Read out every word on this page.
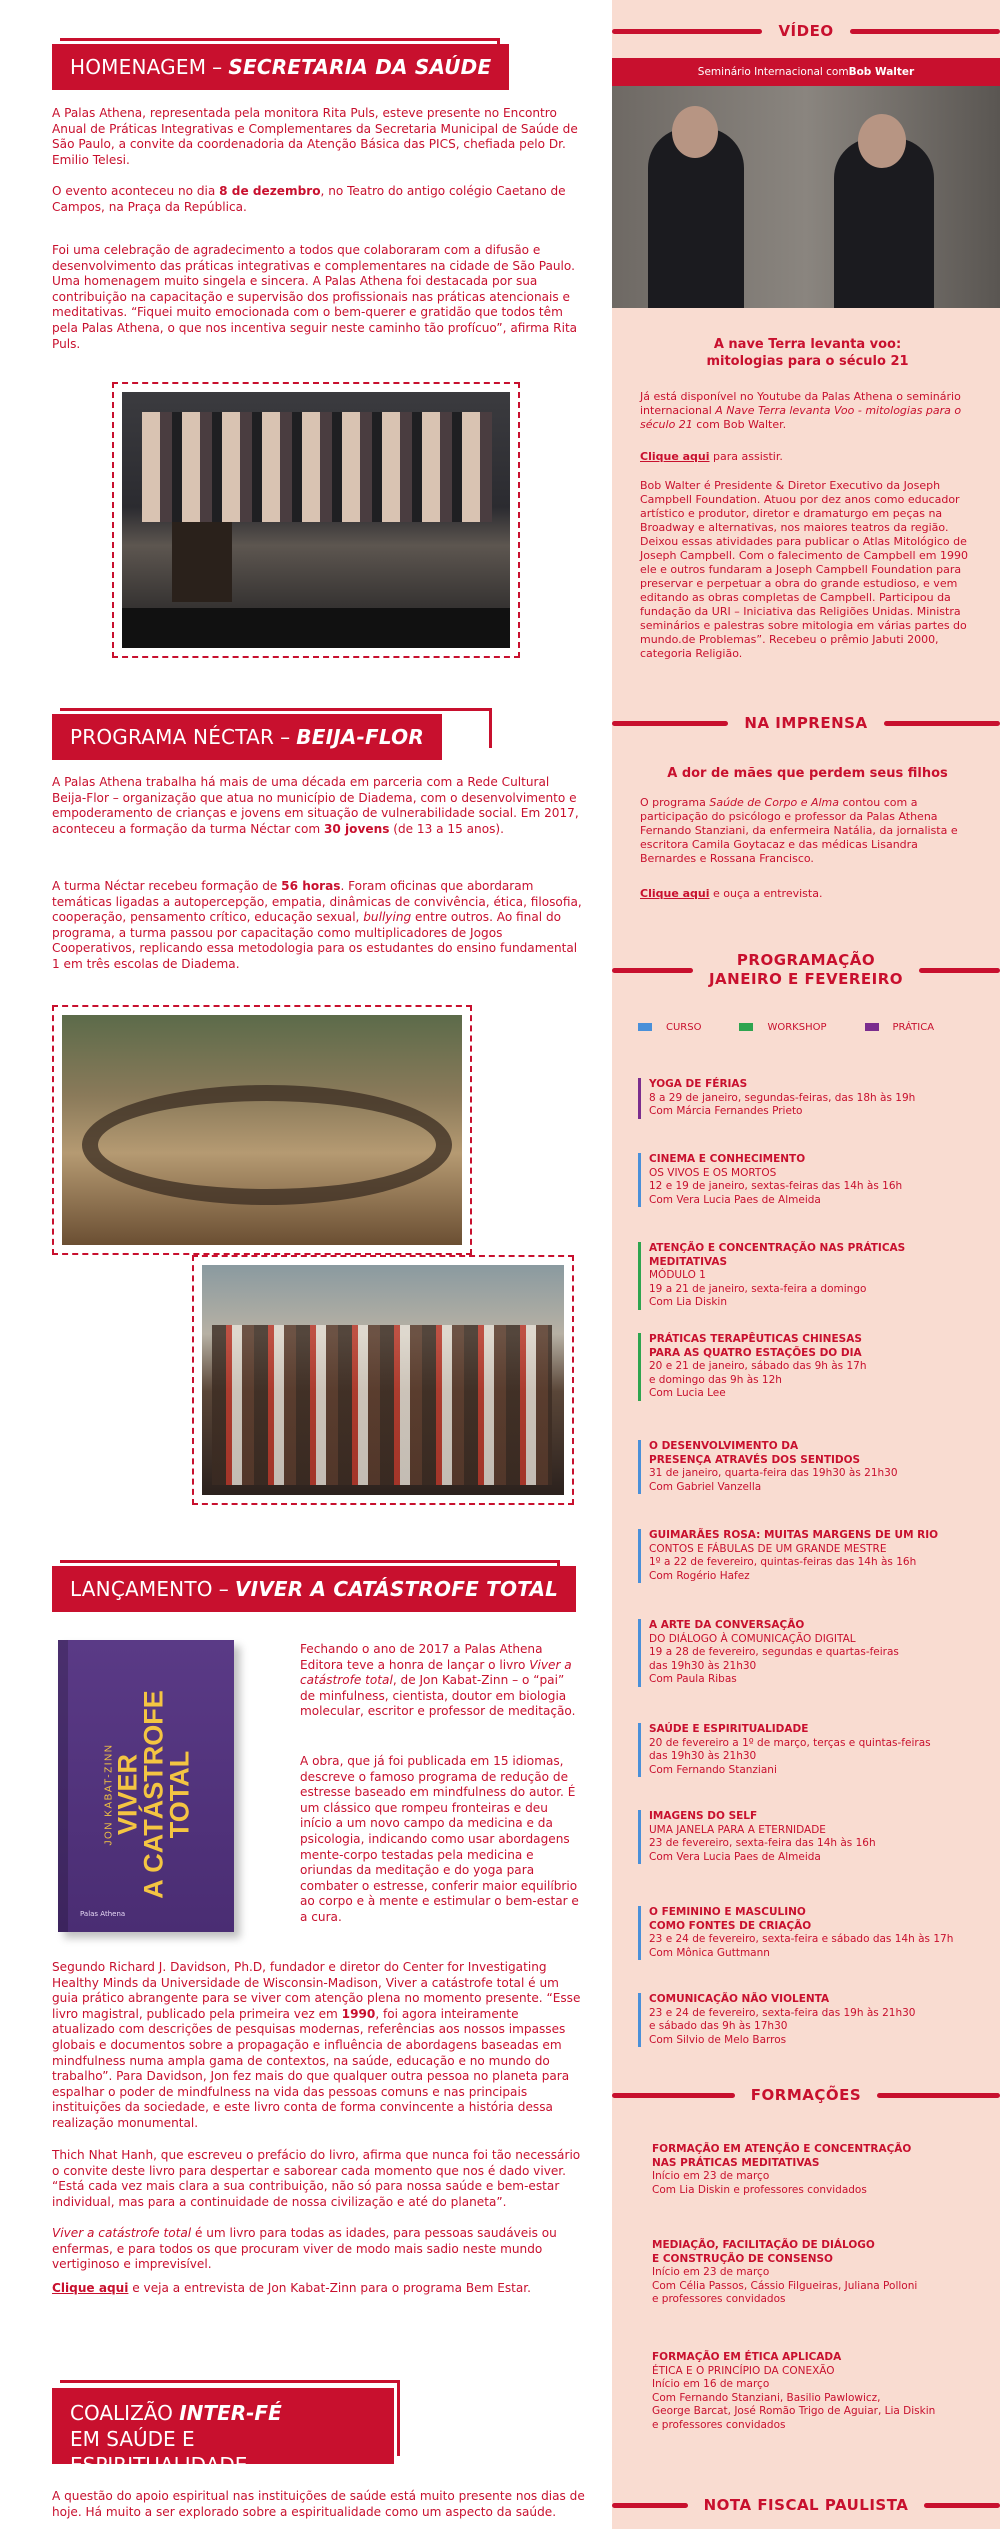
HOMENAGEM – SECRETARIA DA SAÚDE

A Palas Athena, representada pela monitora Rita Puls, esteve presente no Encontro Anual de Práticas Integrativas e Complementares da Secretaria Municipal de Saúde de São Paulo, a convite da coordenadoria da Atenção Básica das PICS, chefiada pelo Dr. Emilio Telesi.

O evento aconteceu no dia 8 de dezembro, no Teatro do antigo colégio Caetano de Campos, na Praça da República.

Foi uma celebração de agradecimento a todos que colaboraram com a difusão e desenvolvimento das práticas integrativas e complementares na cidade de São Paulo. Uma homenagem muito singela e sincera. A Palas Athena foi destacada por sua contribuição na capacitação e supervisão dos profissionais nas práticas atencionais e meditativas. “Fiquei muito emocionada com o bem-querer e gratidão que todos têm pela Palas Athena, o que nos incentiva seguir neste caminho tão profícuo”, afirma Rita Puls.

PROGRAMA NÉCTAR – BEIJA-FLOR

A Palas Athena trabalha há mais de uma década em parceria com a Rede Cultural Beija-Flor – organização que atua no município de Diadema, com o desenvolvimento e empoderamento de crianças e jovens em situação de vulnerabilidade social. Em 2017, aconteceu a formação da turma Néctar com 30 jovens (de 13 a 15 anos).

A turma Néctar recebeu formação de 56 horas. Foram oficinas que abordaram temáticas ligadas a autopercepção, empatia, dinâmicas de convivência, ética, filosofia, cooperação, pensamento crítico, educação sexual, bullying entre outros. Ao final do programa, a turma passou por capacitação como multiplicadores de Jogos Cooperativos, replicando essa metodologia para os estudantes do ensino fundamental 1 em três escolas de Diadema.

LANÇAMENTO – VIVER A CATÁSTROFE TOTAL
JON KABAT-ZINN
VIVER
A CATÁSTROFE
TOTAL
Palas Athena

Fechando o ano de 2017 a Palas Athena Editora teve a honra de lançar o livro Viver a catástrofe total, de Jon Kabat-Zinn – o “pai” de minfulness, cientista, doutor em biologia molecular, escritor e professor de meditação.

A obra, que já foi publicada em 15 idiomas, descreve o famoso programa de redução de estresse baseado em mindfulness do autor. É um clássico que rompeu fronteiras e deu início a um novo campo da medicina e da psicologia, indicando como usar abordagens mente-corpo testadas pela medicina e oriundas da meditação e do yoga para combater o estresse, conferir maior equilíbrio ao corpo e à mente e estimular o bem-estar e a cura.

Segundo Richard J. Davidson, Ph.D, fundador e diretor do Center for Investigating Healthy Minds da Universidade de Wisconsin-Madison, Viver a catástrofe total é um guia prático abrangente para se viver com atenção plena no momento presente. “Esse livro magistral, publicado pela primeira vez em 1990, foi agora inteiramente atualizado com descrições de pesquisas modernas, referências aos nossos impasses globais e documentos sobre a propagação e influência de abordagens baseadas em mindfulness numa ampla gama de contextos, na saúde, educação e no mundo do trabalho”. Para Davidson, Jon fez mais do que qualquer outra pessoa no planeta para espalhar o poder de mindfulness na vida das pessoas comuns e nas principais instituições da sociedade, e este livro conta de forma convincente a história dessa realização monumental.

Thich Nhat Hanh, que escreveu o prefácio do livro, afirma que nunca foi tão necessário o convite deste livro para despertar e saborear cada momento que nos é dado viver. “Está cada vez mais clara a sua contribuição, não só para nossa saúde e bem-estar individual, mas para a continuidade de nossa civilização e até do planeta”.

Viver a catástrofe total é um livro para todas as idades, para pessoas saudáveis ou enfermas, e para todos os que procuram viver de modo mais sadio neste mundo vertiginoso e imprevisível.

Clique aqui e veja a entrevista de Jon Kabat-Zinn para o programa Bem Estar.

COALIZÃO INTER-FÉ
EM SAÚDE E ESPIRITUALIDADE

A questão do apoio espiritual nas instituições de saúde está muito presente nos dias de hoje. Há muito a ser explorado sobre a espiritualidade como um aspecto da saúde.

VÍDEO
Seminário Internacional com Bob Walter
A nave Terra levanta voo:
mitologias para o século 21
Já está disponível no Youtube da Palas Athena o seminário internacional A Nave Terra levanta Voo - mitologias para o século 21 com Bob Walter.
Clique aqui para assistir.
Bob Walter é Presidente & Diretor Executivo da Joseph Campbell Foundation. Atuou por dez anos como educador artístico e produtor, diretor e dramaturgo em peças na Broadway e alternativas, nos maiores teatros da região. Deixou essas atividades para publicar o Atlas Mitológico de Joseph Campbell. Com o falecimento de Campbell em 1990 ele e outros fundaram a Joseph Campbell Foundation para preservar e perpetuar a obra do grande estudioso, e vem editando as obras completas de Campbell. Participou da fundação da URI – Iniciativa das Religiões Unidas. Ministra seminários e palestras sobre mitologia em várias partes do mundo.de Problemas”. Recebeu o prêmio Jabuti 2000, categoria Religião.
NA IMPRENSA
A dor de mães que perdem seus filhos
O programa Saúde de Corpo e Alma contou com a participação do psicólogo e professor da Palas Athena Fernando Stanziani, da enfermeira Natália, da jornalista e escritora Camila Goytacaz e das médicas Lisandra Bernardes e Rossana Francisco.
Clique aqui e ouça a entrevista.
PROGRAMAÇÃO
JANEIRO E FEVEREIRO
CURSO	WORKSHOP	PRÁTICA
YOGA DE FÉRIAS
8 a 29 de janeiro, segundas-feiras, das 18h às 19h
Com Márcia Fernandes Prieto
CINEMA E CONHECIMENTO
OS VIVOS E OS MORTOS
12 e 19 de janeiro, sextas-feiras das 14h às 16h
Com Vera Lucia Paes de Almeida
ATENÇÃO E CONCENTRAÇÃO NAS PRÁTICAS MEDITATIVAS
MÓDULO 1
19 a 21 de janeiro, sexta-feira a domingo
Com Lia Diskin
PRÁTICAS TERAPÊUTICAS CHINESAS
PARA AS QUATRO ESTAÇÕES DO DIA
20 e 21 de janeiro, sábado das 9h às 17h
e domingo das 9h às 12h
Com Lucia Lee
O DESENVOLVIMENTO DA
PRESENÇA ATRAVÉS DOS SENTIDOS
31 de janeiro, quarta-feira das 19h30 às 21h30
Com Gabriel Vanzella
GUIMARÃES ROSA: MUITAS MARGENS DE UM RIO
CONTOS E FÁBULAS DE UM GRANDE MESTRE
1º a 22 de fevereiro, quintas-feiras das 14h às 16h
Com Rogério Hafez
A ARTE DA CONVERSAÇÃO
DO DIÁLOGO À COMUNICAÇÃO DIGITAL
19 a 28 de fevereiro, segundas e quartas-feiras
das 19h30 às 21h30
Com Paula Ribas
SAÚDE E ESPIRITUALIDADE
20 de fevereiro a 1º de março, terças e quintas-feiras
das 19h30 às 21h30
Com Fernando Stanziani
IMAGENS DO SELF
UMA JANELA PARA A ETERNIDADE
23 de fevereiro, sexta-feira das 14h às 16h
Com Vera Lucia Paes de Almeida
O FEMININO E MASCULINO
COMO FONTES DE CRIAÇÃO
23 e 24 de fevereiro, sexta-feira e sábado das 14h às 17h
Com Mônica Guttmann
COMUNICAÇÃO NÃO VIOLENTA
23 e 24 de fevereiro, sexta-feira das 19h às 21h30
e sábado das 9h às 17h30
Com Silvio de Melo Barros
FORMAÇÕES
FORMAÇÃO EM ATENÇÃO E CONCENTRAÇÃO
NAS PRÁTICAS MEDITATIVAS
Início em 23 de março
Com Lia Diskin e professores convidados
MEDIAÇÃO, FACILITAÇÃO DE DIÁLOGO
E CONSTRUÇÃO DE CONSENSO
Início em 23 de março
Com Célia Passos, Cássio Filgueiras, Juliana Polloni
e professores convidados
FORMAÇÃO EM ÉTICA APLICADA
ÉTICA E O PRINCÍPIO DA CONEXÃO
Início em 16 de março
Com Fernando Stanziani, Basilio Pawlowicz,
George Barcat, José Romão Trigo de Aguiar, Lia Diskin
e professores convidados
NOTA FISCAL PAULISTA
